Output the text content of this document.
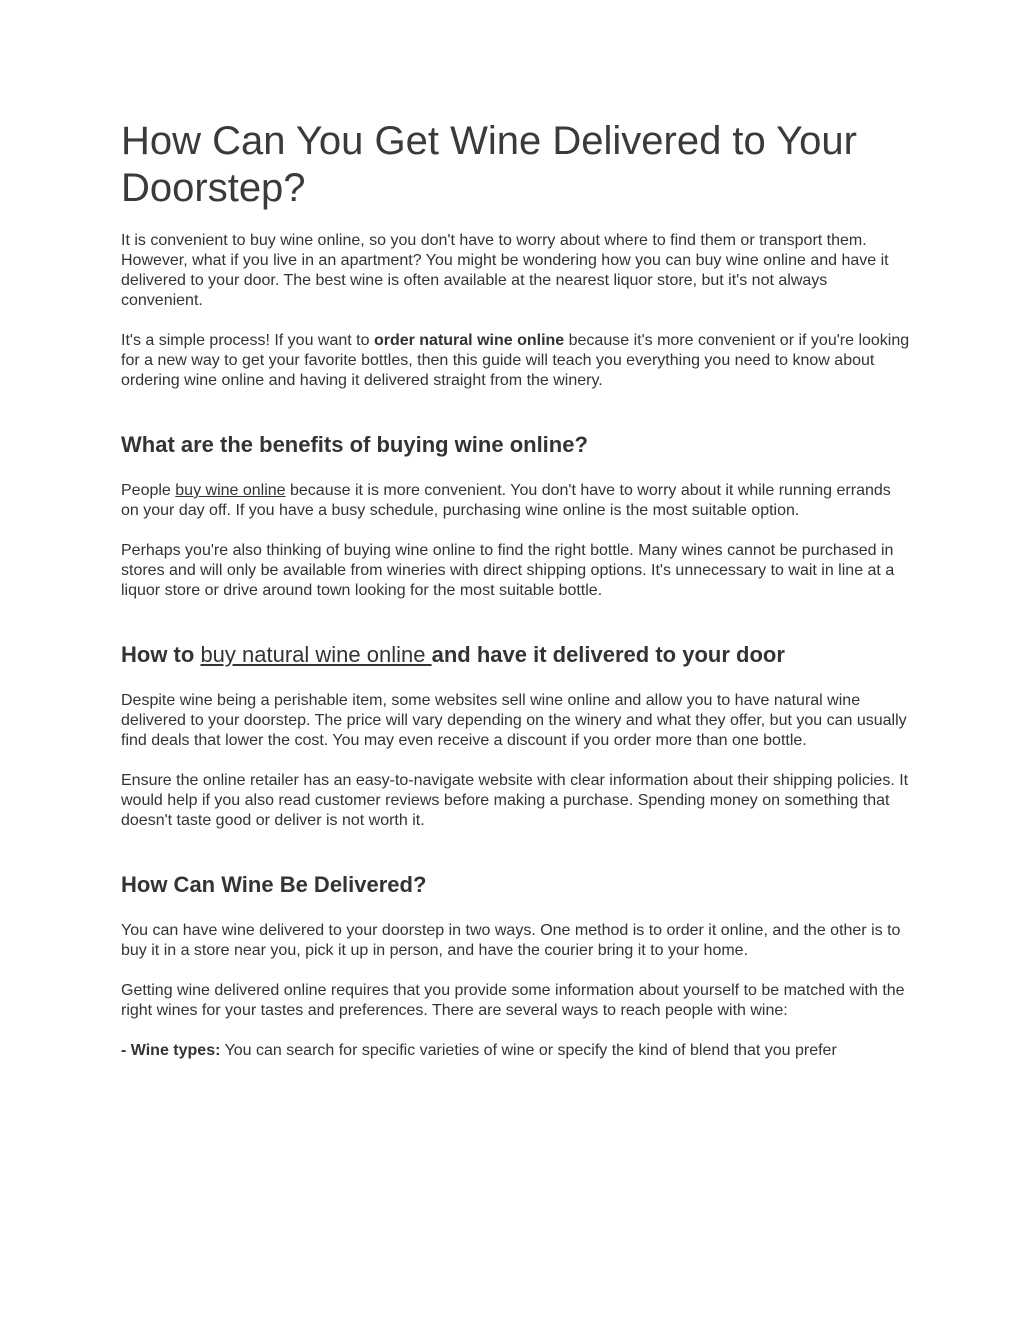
How Can You Get Wine Delivered to Your Doorstep?

It is convenient to buy wine online, so you don't have to worry about where to find them or transport them. However, what if you live in an apartment? You might be wondering how you can buy wine online and have it delivered to your door. The best wine is often available at the nearest liquor store, but it's not always convenient.

It's a simple process! If you want to order natural wine online because it's more convenient or if you're looking for a new way to get your favorite bottles, then this guide will teach you everything you need to know about ordering wine online and having it delivered straight from the winery.

What are the benefits of buying wine online?

People buy wine online because it is more convenient. You don't have to worry about it while running errands on your day off. If you have a busy schedule, purchasing wine online is the most suitable option.

Perhaps you're also thinking of buying wine online to find the right bottle. Many wines cannot be purchased in stores and will only be available from wineries with direct shipping options. It's unnecessary to wait in line at a liquor store or drive around town looking for the most suitable bottle.

How to buy natural wine online and have it delivered to your door

Despite wine being a perishable item, some websites sell wine online and allow you to have natural wine delivered to your doorstep. The price will vary depending on the winery and what they offer, but you can usually find deals that lower the cost. You may even receive a discount if you order more than one bottle.

Ensure the online retailer has an easy-to-navigate website with clear information about their shipping policies. It would help if you also read customer reviews before making a purchase. Spending money on something that doesn't taste good or deliver is not worth it.

How Can Wine Be Delivered?

You can have wine delivered to your doorstep in two ways. One method is to order it online, and the other is to buy it in a store near you, pick it up in person, and have the courier bring it to your home.

Getting wine delivered online requires that you provide some information about yourself to be matched with the right wines for your tastes and preferences. There are several ways to reach people with wine:

- Wine types: You can search for specific varieties of wine or specify the kind of blend that you prefer
